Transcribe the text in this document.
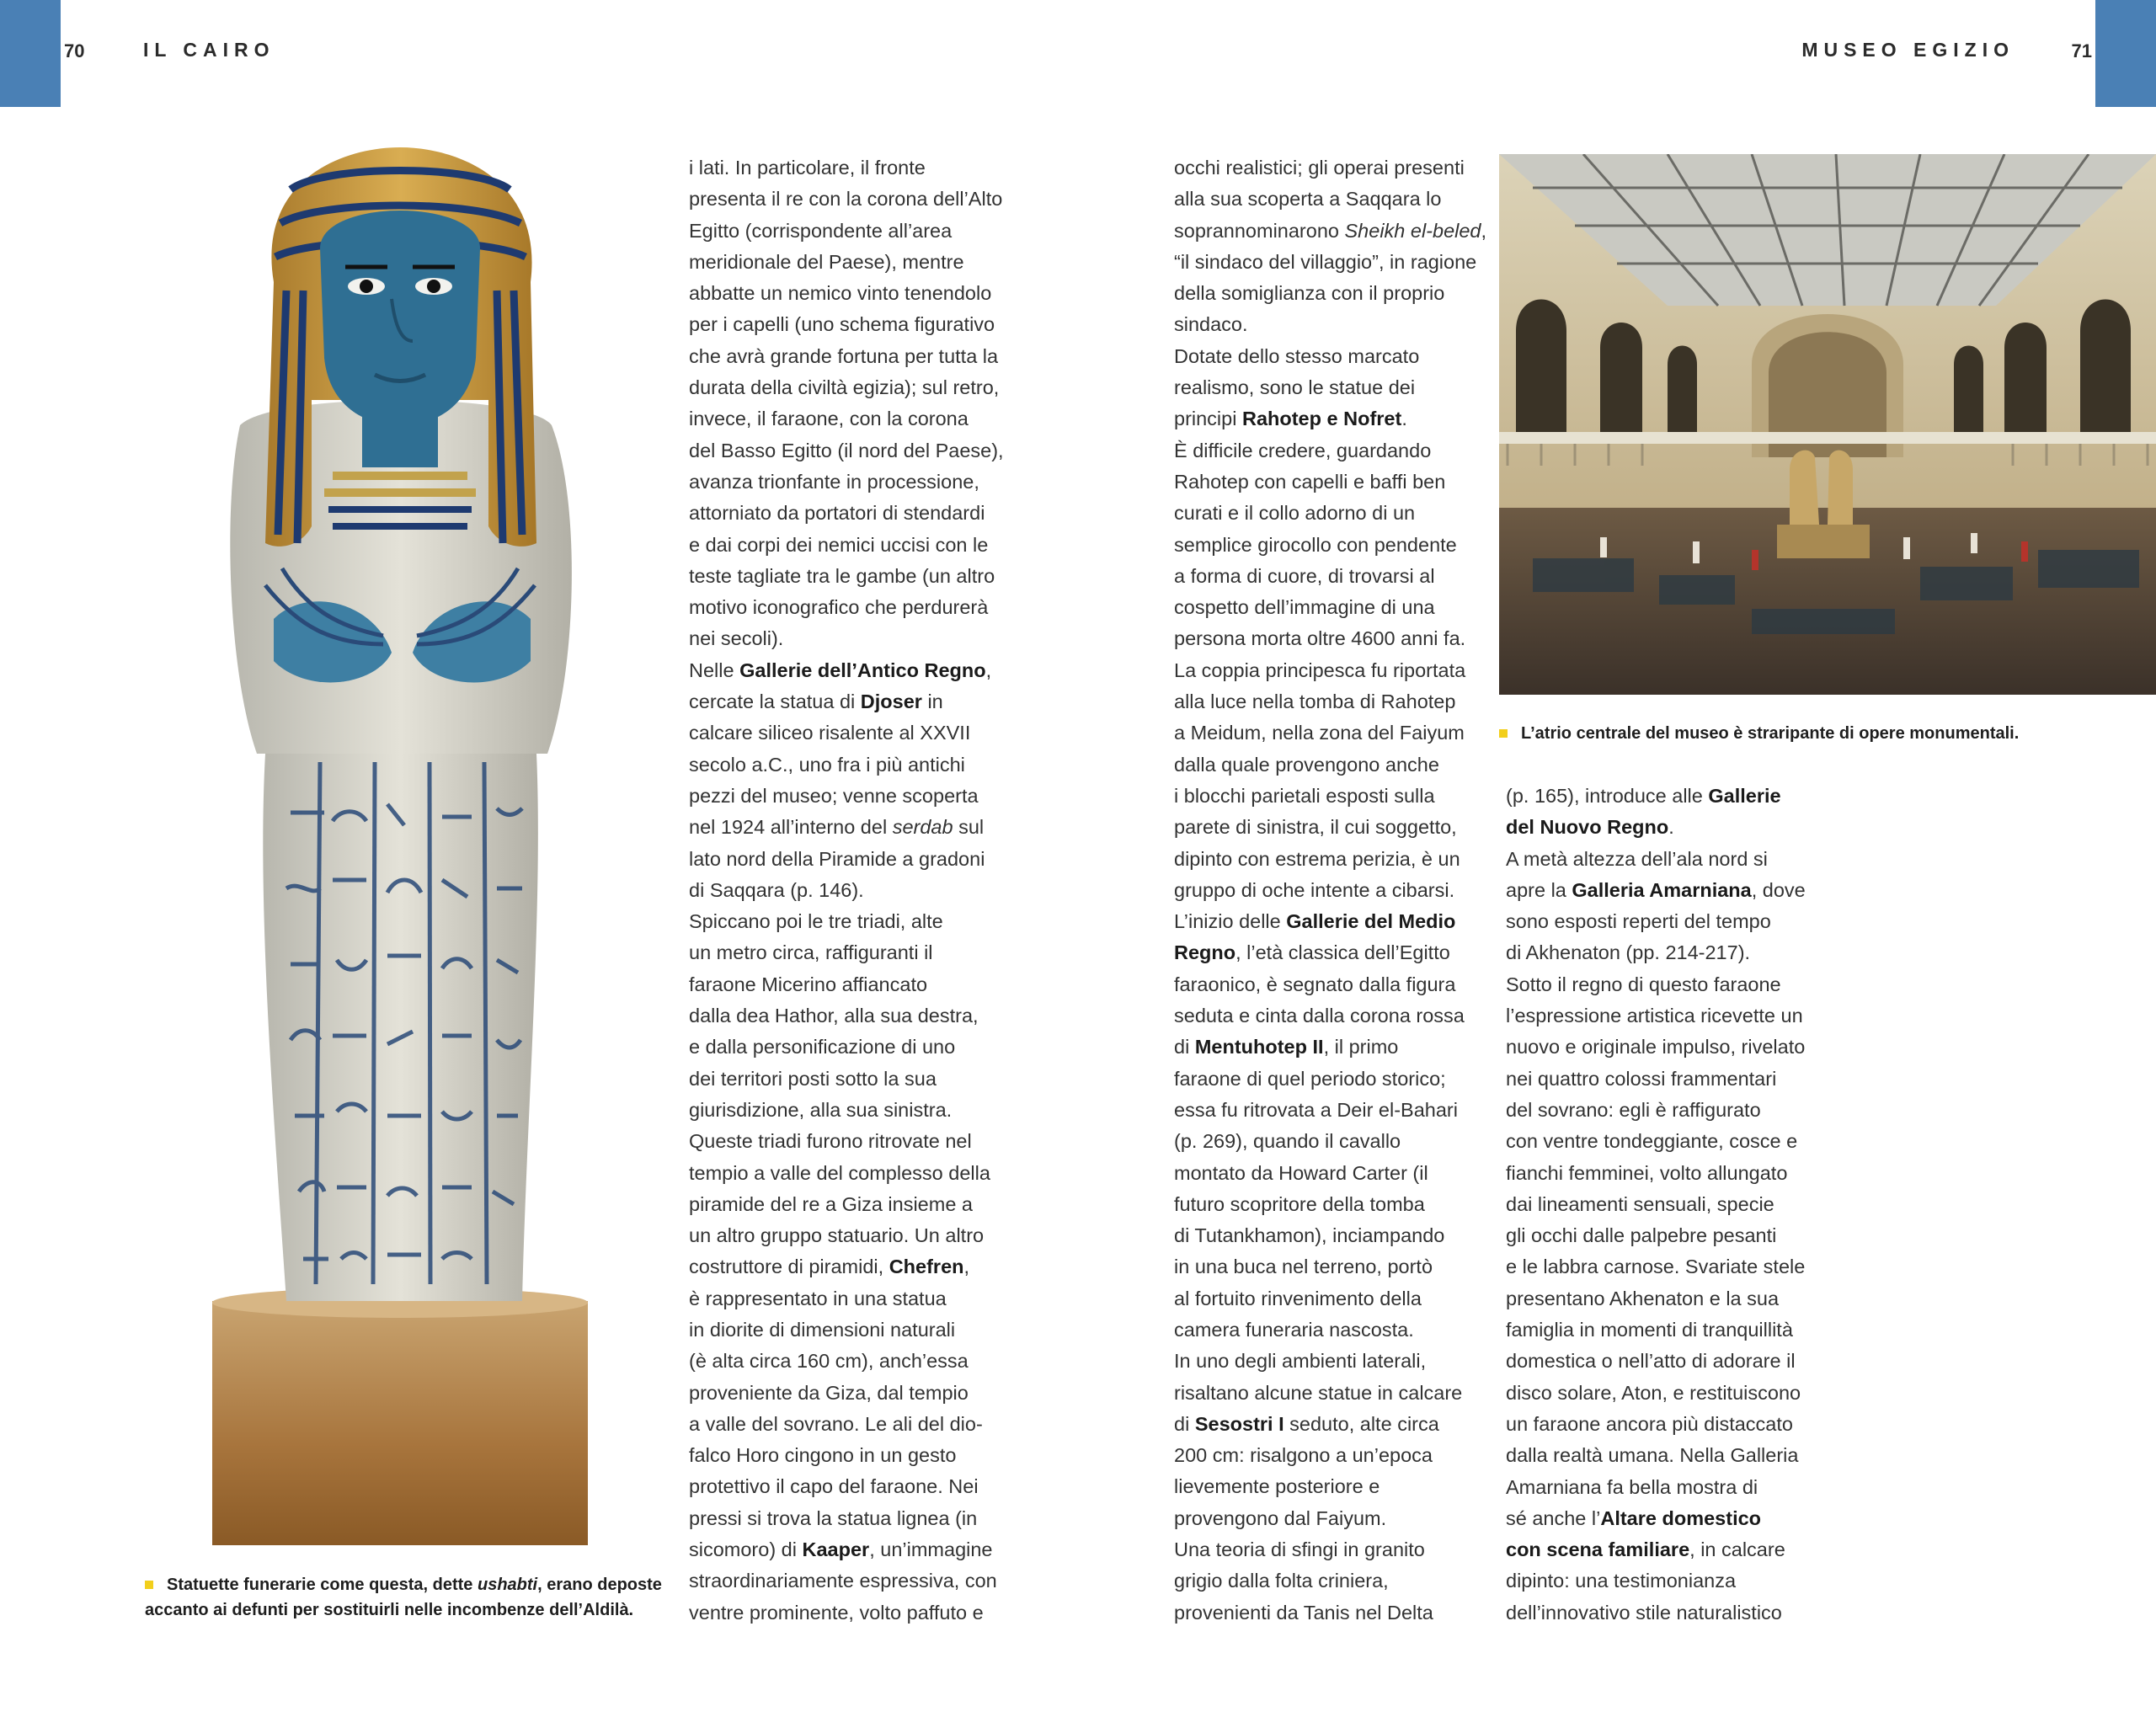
70	IL CAIRO	MUSEO EGIZIO	71
Statuette funerarie come questa, dette ushabti, erano deposte
accanto ai defunti per sostituirli nelle incombenze dell’Aldilà.
i lati. In particolare, il fronte
presenta il re con la corona dell’Alto
Egitto (corrispondente all’area
meridionale del Paese), mentre
abbatte un nemico vinto tenendolo
per i capelli (uno schema figurativo
che avrà grande fortuna per tutta la
durata della civiltà egizia); sul retro,
invece, il faraone, con la corona
del Basso Egitto (il nord del Paese),
avanza trionfante in processione,
attorniato da portatori di stendardi
e dai corpi dei nemici uccisi con le
teste tagliate tra le gambe (un altro
motivo iconografico che perdurerà
nei secoli).
Nelle Gallerie dell’Antico Regno,
cercate la statua di Djoser in
calcare siliceo risalente al XXVII
secolo a.C., uno fra i più antichi
pezzi del museo; venne scoperta
nel 1924 all’interno del serdab sul
lato nord della Piramide a gradoni
di Saqqara (p. 146).
Spiccano poi le tre triadi, alte
un metro circa, raffiguranti il
faraone Micerino affiancato
dalla dea Hathor, alla sua destra,
e dalla personificazione di uno
dei territori posti sotto la sua
giurisdizione, alla sua sinistra.
Queste triadi furono ritrovate nel
tempio a valle del complesso della
piramide del re a Giza insieme a
un altro gruppo statuario. Un altro
costruttore di piramidi, Chefren,
è rappresentato in una statua
in diorite di dimensioni naturali
(è alta circa 160 cm), anch’essa
proveniente da Giza, dal tempio
a valle del sovrano. Le ali del dio-
falco Horo cingono in un gesto
protettivo il capo del faraone. Nei
pressi si trova la statua lignea (in
sicomoro) di Kaaper, un’immagine
straordinariamente espressiva, con
ventre prominente, volto paffuto e
occhi realistici; gli operai presenti
alla sua scoperta a Saqqara lo
soprannominarono Sheikh el-beled,
“il sindaco del villaggio”, in ragione
della somiglianza con il proprio
sindaco.
Dotate dello stesso marcato
realismo, sono le statue dei
principi Rahotep e Nofret.
È difficile credere, guardando
Rahotep con capelli e baffi ben
curati e il collo adorno di un
semplice girocollo con pendente
a forma di cuore, di trovarsi al
cospetto dell’immagine di una
persona morta oltre 4600 anni fa.
La coppia principesca fu riportata
alla luce nella tomba di Rahotep
a Meidum, nella zona del Faiyum
dalla quale provengono anche
i blocchi parietali esposti sulla
parete di sinistra, il cui soggetto,
dipinto con estrema perizia, è un
gruppo di oche intente a cibarsi.
L’inizio delle Gallerie del Medio
Regno, l’età classica dell’Egitto
faraonico, è segnato dalla figura
seduta e cinta dalla corona rossa
di Mentuhotep II, il primo
faraone di quel periodo storico;
essa fu ritrovata a Deir el-Bahari
(p. 269), quando il cavallo
montato da Howard Carter (il
futuro scopritore della tomba
di Tutankhamon), inciampando
in una buca nel terreno, portò
al fortuito rinvenimento della
camera funeraria nascosta.
In uno degli ambienti laterali,
risaltano alcune statue in calcare
di Sesostri I seduto, alte circa
200 cm: risalgono a un’epoca
lievemente posteriore e
provengono dal Faiyum.
Una teoria di sfingi in granito
grigio dalla folta criniera,
provenienti da Tanis nel Delta
(p. 165), introduce alle Gallerie
del Nuovo Regno.
A metà altezza dell’ala nord si
apre la Galleria Amarniana, dove
sono esposti reperti del tempo
di Akhenaton (pp. 214-217).
Sotto il regno di questo faraone
l’espressione artistica ricevette un
nuovo e originale impulso, rivelato
nei quattro colossi frammentari
del sovrano: egli è raffigurato
con ventre tondeggiante, cosce e
fianchi femminei, volto allungato
dai lineamenti sensuali, specie
gli occhi dalle palpebre pesanti
e le labbra carnose. Svariate stele
presentano Akhenaton e la sua
famiglia in momenti di tranquillità
domestica o nell’atto di adorare il
disco solare, Aton, e restituiscono
un faraone ancora più distaccato
dalla realtà umana. Nella Galleria
Amarniana fa bella mostra di
sé anche l’Altare domestico
con scena familiare, in calcare
dipinto: una testimonianza
dell’innovativo stile naturalistico
L’atrio centrale del museo è straripante di opere monumentali.
